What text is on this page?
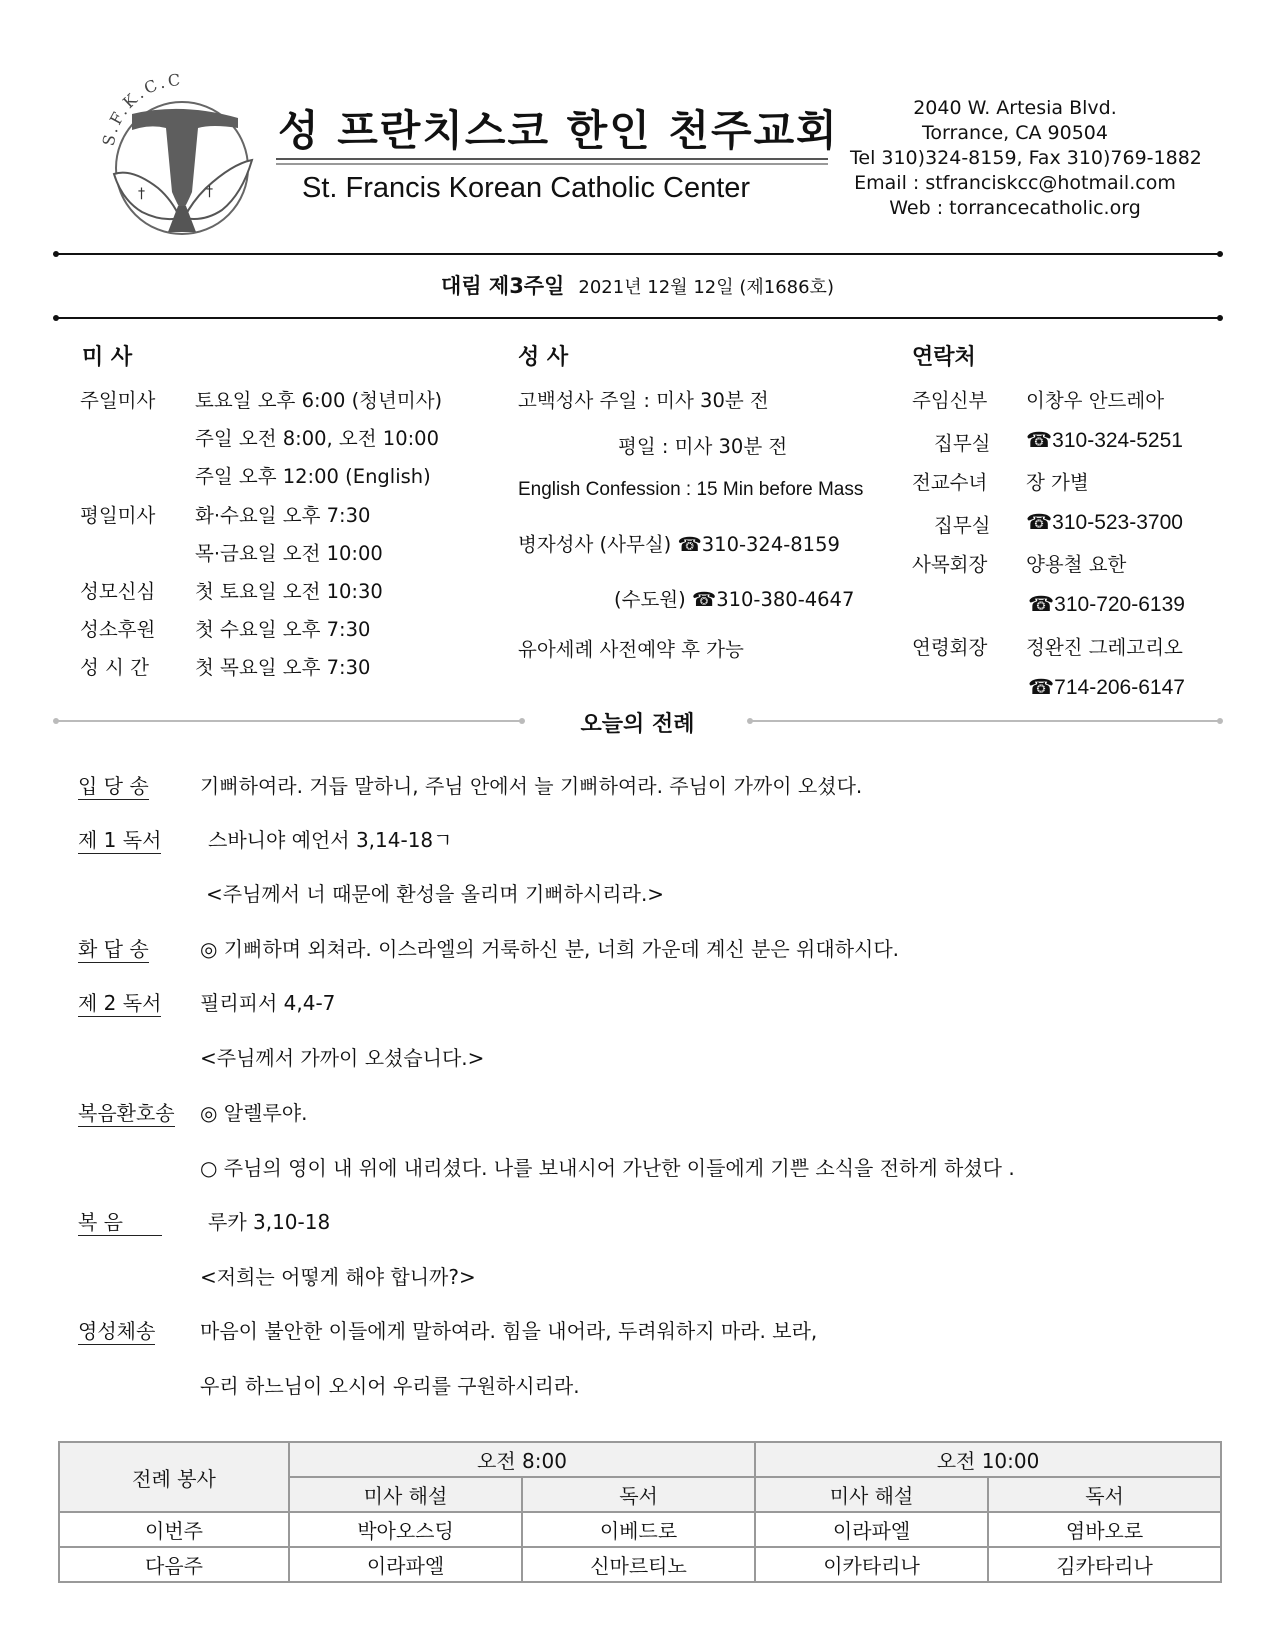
S.F.K.C.C
†	†
성 프란치스코 한인 천주교회
St. Francis Korean Catholic Center
2040 W. Artesia Blvd.
Torrance, CA 90504
Tel 310)324-8159, Fax 310)769-1882
Email : stfranciskcc@hotmail.com
Web : torrancecatholic.org
대림 제3주일 2021년 12월 12일 (제1686호)
미 사
주일미사 토요일 오후 6:00 (청년미사)
주일 오전 8:00, 오전 10:00
주일 오후 12:00 (English)
평일미사 화·수요일 오후 7:30
목·금요일 오전 10:00
성모신심 첫 토요일 오전 10:30
성소후원 첫 수요일 오후 7:30
성 시 간 첫 목요일 오후 7:30
성 사
고백성사 주일 : 미사 30분 전
평일 : 미사 30분 전
English Confession : 15 Min before Mass
병자성사 (사무실) ☎310-324-8159
(수도원) ☎310-380-4647
유아세례 사전예약 후 가능
연락처
주임신부 이창우 안드레아
집무실 ☎310-324-5251
전교수녀 장 가별
집무실 ☎310-523-3700
사목회장 양용철 요한
☎310-720-6139
연령회장 정완진 그레고리오
☎714-206-6147
오늘의 전례
입 당 송	기뻐하여라. 거듭 말하니, 주님 안에서 늘 기뻐하여라. 주님이 가까이 오셨다.
제 1 독서 스바니야 예언서 3,14-18ㄱ
<주님께서 너 때문에 환성을 올리며 기뻐하시리라.>
화 답 송	◎ 기뻐하며 외쳐라. 이스라엘의 거룩하신 분, 너희 가운데 계신 분은 위대하시다.
제 2 독서 필리피서 4,4-7
<주님께서 가까이 오셨습니다.>
복음환호송 ◎ 알렐루야.
○ 주님의 영이 내 위에 내리셨다. 나를 보내시어 가난한 이들에게 기쁜 소식을 전하게 하셨다 .
복 음	루카 3,10-18
<저희는 어떻게 해야 합니까?>
영성체송 마음이 불안한 이들에게 말하여라. 힘을 내어라, 두려워하지 마라. 보라,
우리 하느님이 오시어 우리를 구원하시리라.
전례 봉사	오전 8:00		오전 10:00	
	미사 해설	독서	미사 해설	독서
이번주	박아오스딩	이베드로	이라파엘	염바오로
다음주	이라파엘	신마르티노	이카타리나	김카타리나
